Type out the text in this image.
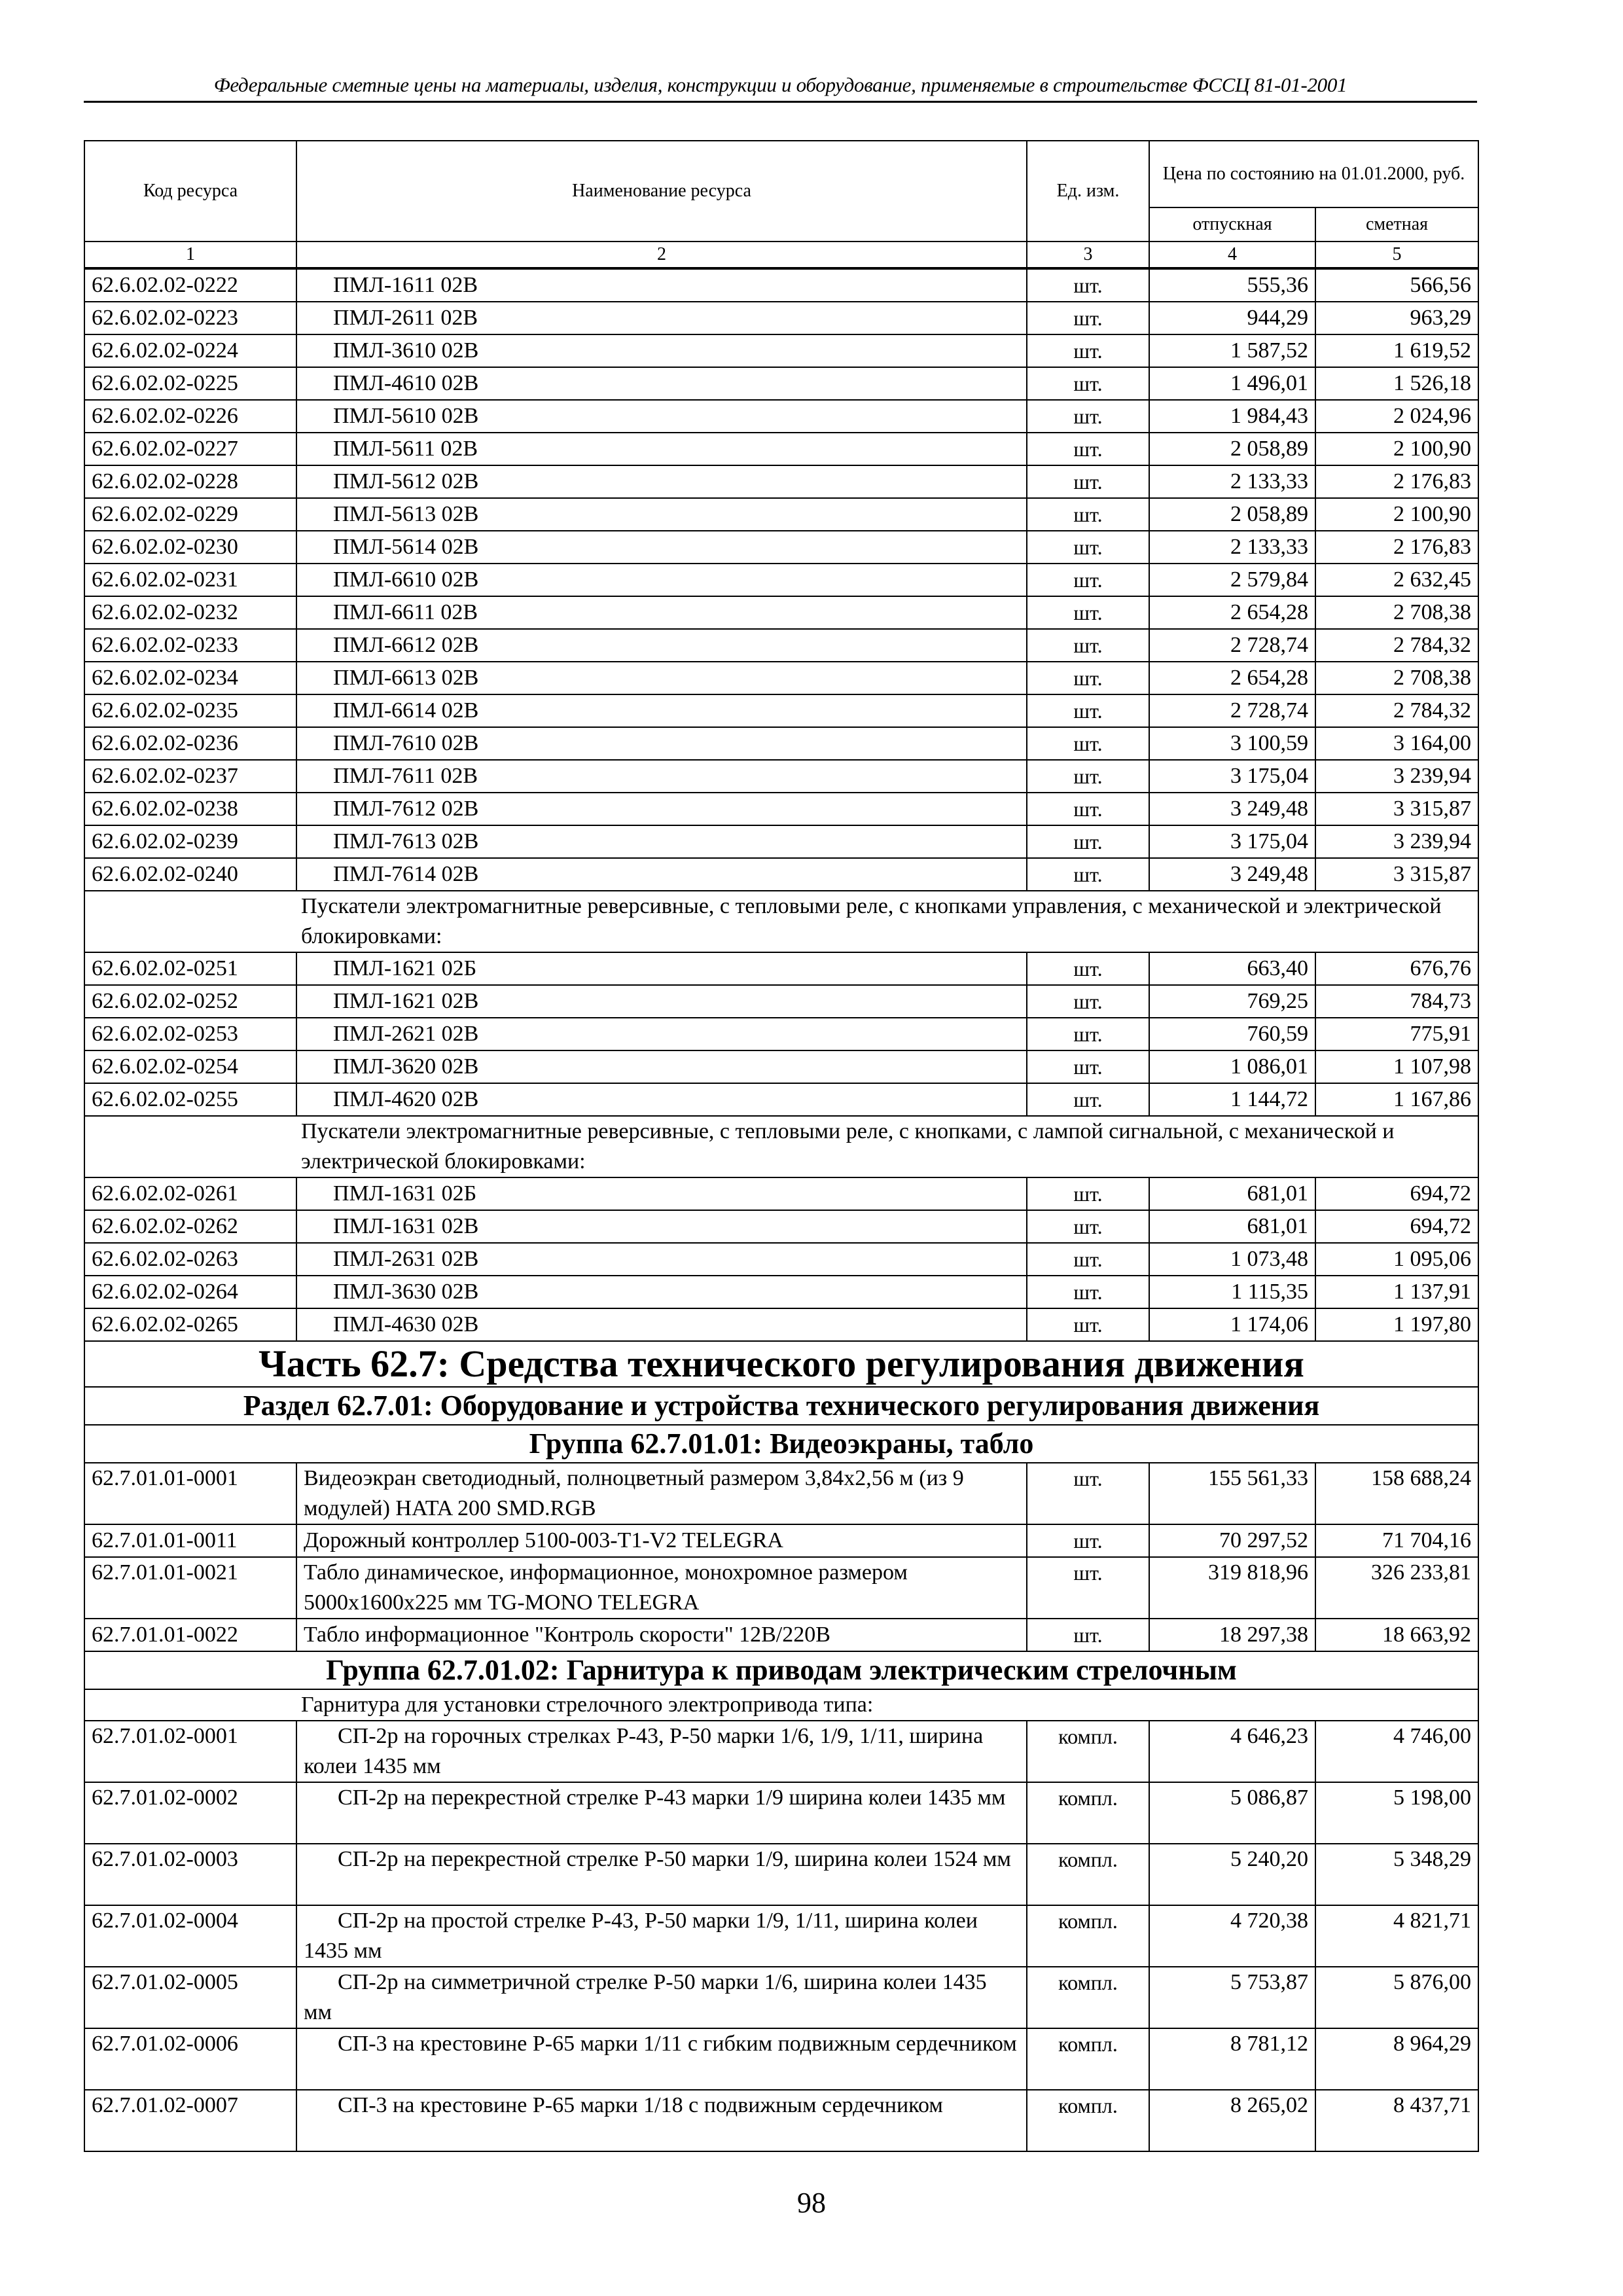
Федеральные сметные цены на материалы, изделия, конструкции и оборудование, применяемые в строительстве ФССЦ 81-01-2001
Код ресурса	Наименование ресурса	Ед. изм.	Цена по состоянию на 01.01.2000, руб.	
			отпускная	сметная
1	2	3	4	5
62.6.02.02-0222	ПМЛ-1611 02В	шт.	555,36	566,56
62.6.02.02-0223	ПМЛ-2611 02В	шт.	944,29	963,29
62.6.02.02-0224	ПМЛ-3610 02В	шт.	1 587,52	1 619,52
62.6.02.02-0225	ПМЛ-4610 02В	шт.	1 496,01	1 526,18
62.6.02.02-0226	ПМЛ-5610 02В	шт.	1 984,43	2 024,96
62.6.02.02-0227	ПМЛ-5611 02В	шт.	2 058,89	2 100,90
62.6.02.02-0228	ПМЛ-5612 02В	шт.	2 133,33	2 176,83
62.6.02.02-0229	ПМЛ-5613 02В	шт.	2 058,89	2 100,90
62.6.02.02-0230	ПМЛ-5614 02В	шт.	2 133,33	2 176,83
62.6.02.02-0231	ПМЛ-6610 02В	шт.	2 579,84	2 632,45
62.6.02.02-0232	ПМЛ-6611 02В	шт.	2 654,28	2 708,38
62.6.02.02-0233	ПМЛ-6612 02В	шт.	2 728,74	2 784,32
62.6.02.02-0234	ПМЛ-6613 02В	шт.	2 654,28	2 708,38
62.6.02.02-0235	ПМЛ-6614 02В	шт.	2 728,74	2 784,32
62.6.02.02-0236	ПМЛ-7610 02В	шт.	3 100,59	3 164,00
62.6.02.02-0237	ПМЛ-7611 02В	шт.	3 175,04	3 239,94
62.6.02.02-0238	ПМЛ-7612 02В	шт.	3 249,48	3 315,87
62.6.02.02-0239	ПМЛ-7613 02В	шт.	3 175,04	3 239,94
62.6.02.02-0240	ПМЛ-7614 02В	шт.	3 249,48	3 315,87
Пускатели электромагнитные реверсивные, с тепловыми реле, с кнопками управления, с механической и электрической блокировками:				
62.6.02.02-0251	ПМЛ-1621 02Б	шт.	663,40	676,76
62.6.02.02-0252	ПМЛ-1621 02В	шт.	769,25	784,73
62.6.02.02-0253	ПМЛ-2621 02В	шт.	760,59	775,91
62.6.02.02-0254	ПМЛ-3620 02В	шт.	1 086,01	1 107,98
62.6.02.02-0255	ПМЛ-4620 02В	шт.	1 144,72	1 167,86
Пускатели электромагнитные реверсивные, с тепловыми реле, с кнопками, с лампой сигнальной, с механической и электрической блокировками:				
62.6.02.02-0261	ПМЛ-1631 02Б	шт.	681,01	694,72
62.6.02.02-0262	ПМЛ-1631 02В	шт.	681,01	694,72
62.6.02.02-0263	ПМЛ-2631 02В	шт.	1 073,48	1 095,06
62.6.02.02-0264	ПМЛ-3630 02В	шт.	1 115,35	1 137,91
62.6.02.02-0265	ПМЛ-4630 02В	шт.	1 174,06	1 197,80
Часть 62.7: Средства технического регулирования движения				
Раздел 62.7.01: Оборудование и устройства технического регулирования движения				
Группа 62.7.01.01: Видеоэкраны, табло				
62.7.01.01-0001	Видеоэкран светодиодный, полноцветный размером 3,84x2,56 м (из 9 модулей) HATA 200 SMD.RGB	шт.	155 561,33	158 688,24
62.7.01.01-0011	Дорожный контроллер 5100-003-T1-V2 TELEGRA	шт.	70 297,52	71 704,16
62.7.01.01-0021	Табло динамическое, информационное, монохромное размером 5000x1600x225 мм TG-MONO TELEGRA	шт.	319 818,96	326 233,81
62.7.01.01-0022	Табло информационное "Контроль скорости" 12В/220В	шт.	18 297,38	18 663,92
Группа 62.7.01.02: Гарнитура к приводам электрическим стрелочным				
Гарнитура для установки стрелочного электропривода типа:				
62.7.01.02-0001	СП-2р на горочных стрелках Р-43, Р-50 марки 1/6, 1/9, 1/11, ширина колеи 1435 мм	компл.	4 646,23	4 746,00
62.7.01.02-0002	СП-2р на перекрестной стрелке Р-43 марки 1/9 ширина колеи 1435 мм	компл.	5 086,87	5 198,00
62.7.01.02-0003	СП-2р на перекрестной стрелке Р-50 марки 1/9, ширина колеи 1524 мм	компл.	5 240,20	5 348,29
62.7.01.02-0004	СП-2р на простой стрелке Р-43, Р-50 марки 1/9, 1/11, ширина колеи 1435 мм	компл.	4 720,38	4 821,71
62.7.01.02-0005	СП-2р на симметричной стрелке Р-50 марки 1/6, ширина колеи 1435 мм	компл.	5 753,87	5 876,00
62.7.01.02-0006	СП-3 на крестовине Р-65 марки 1/11 с гибким подвижным сердечником	компл.	8 781,12	8 964,29
62.7.01.02-0007	СП-3 на крестовине Р-65 марки 1/18 с подвижным сердечником	компл.	8 265,02	8 437,71
98
